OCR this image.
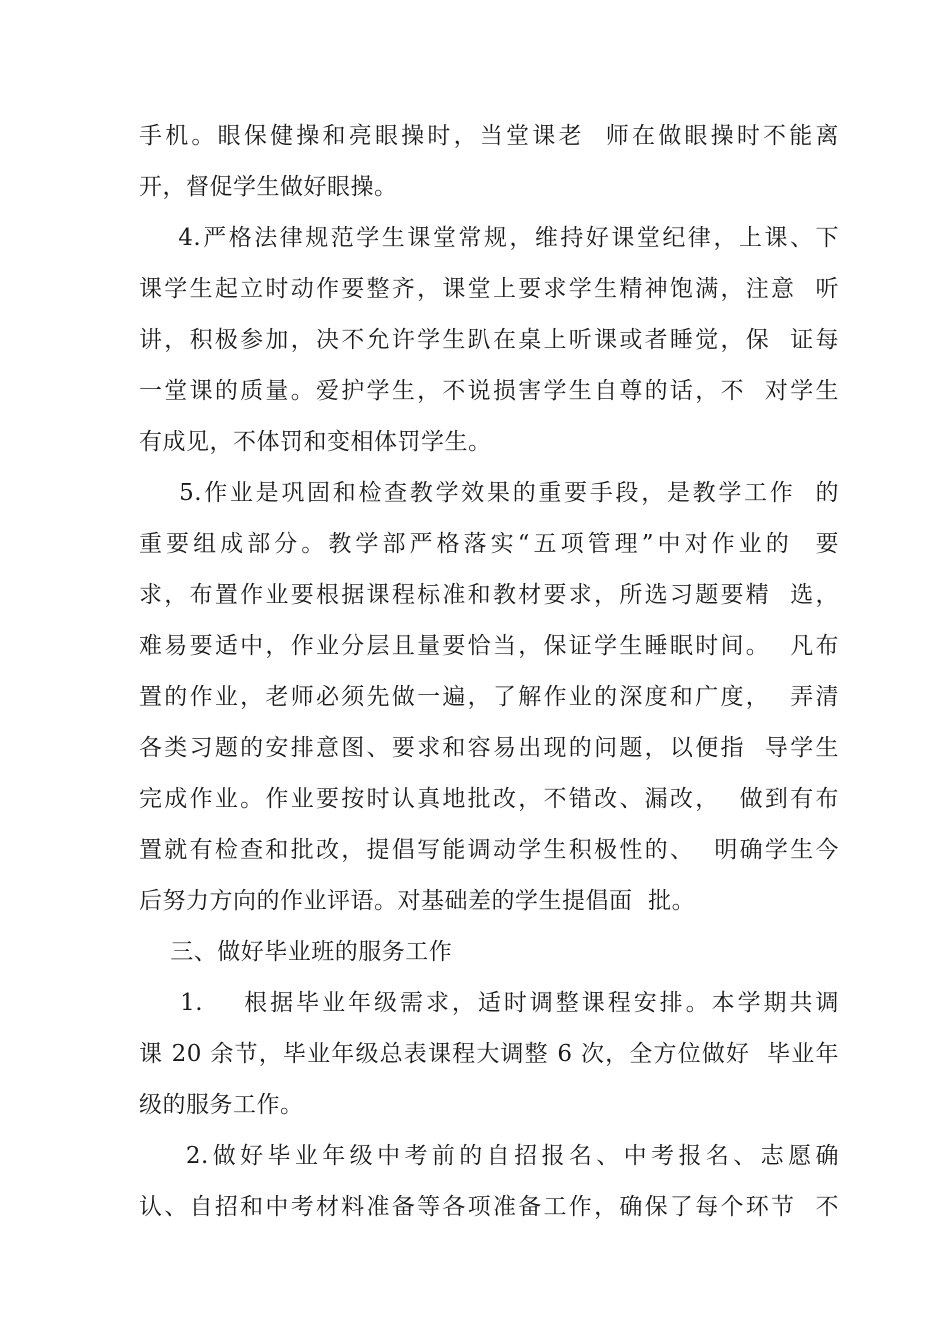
手机。眼保健操和亮眼操时，当堂课老  师在做眼操时不能离
开，督促学生做好眼操。
4.严格法律规范学生课堂常规，维持好课堂纪律，上课、下
课学生起立时动作要整齐，课堂上要求学生精神饱满，注意  听
讲，积极参加，决不允许学生趴在桌上听课或者睡觉，保  证每
一堂课的质量。爱护学生，不说损害学生自尊的话，不  对学生
有成见，不体罚和变相体罚学生。
5.作业是巩固和检查教学效果的重要手段，是教学工作  的
重要组成部分。教学部严格落实“五项管理”中对作业的  要
求，布置作业要根据课程标准和教材要求，所选习题要精  选，
难易要适中，作业分层且量要恰当，保证学生睡眠时间。  凡布
置的作业，老师必须先做一遍，了解作业的深度和广度，  弄清
各类习题的安排意图、要求和容易出现的问题，以便指  导学生
完成作业。作业要按时认真地批改，不错改、漏改，  做到有布
置就有检查和批改，提倡写能调动学生积极性的、  明确学生今
后努力方向的作业评语。对基础差的学生提倡面  批。
三、做好毕业班的服务工作
1.    根据毕业年级需求，适时调整课程安排。本学期共调
课 20 余节，毕业年级总表课程大调整 6 次，全方位做好  毕业年
级的服务工作。
2.做好毕业年级中考前的自招报名、中考报名、志愿确
认、自招和中考材料准备等各项准备工作，确保了每个环节  不
